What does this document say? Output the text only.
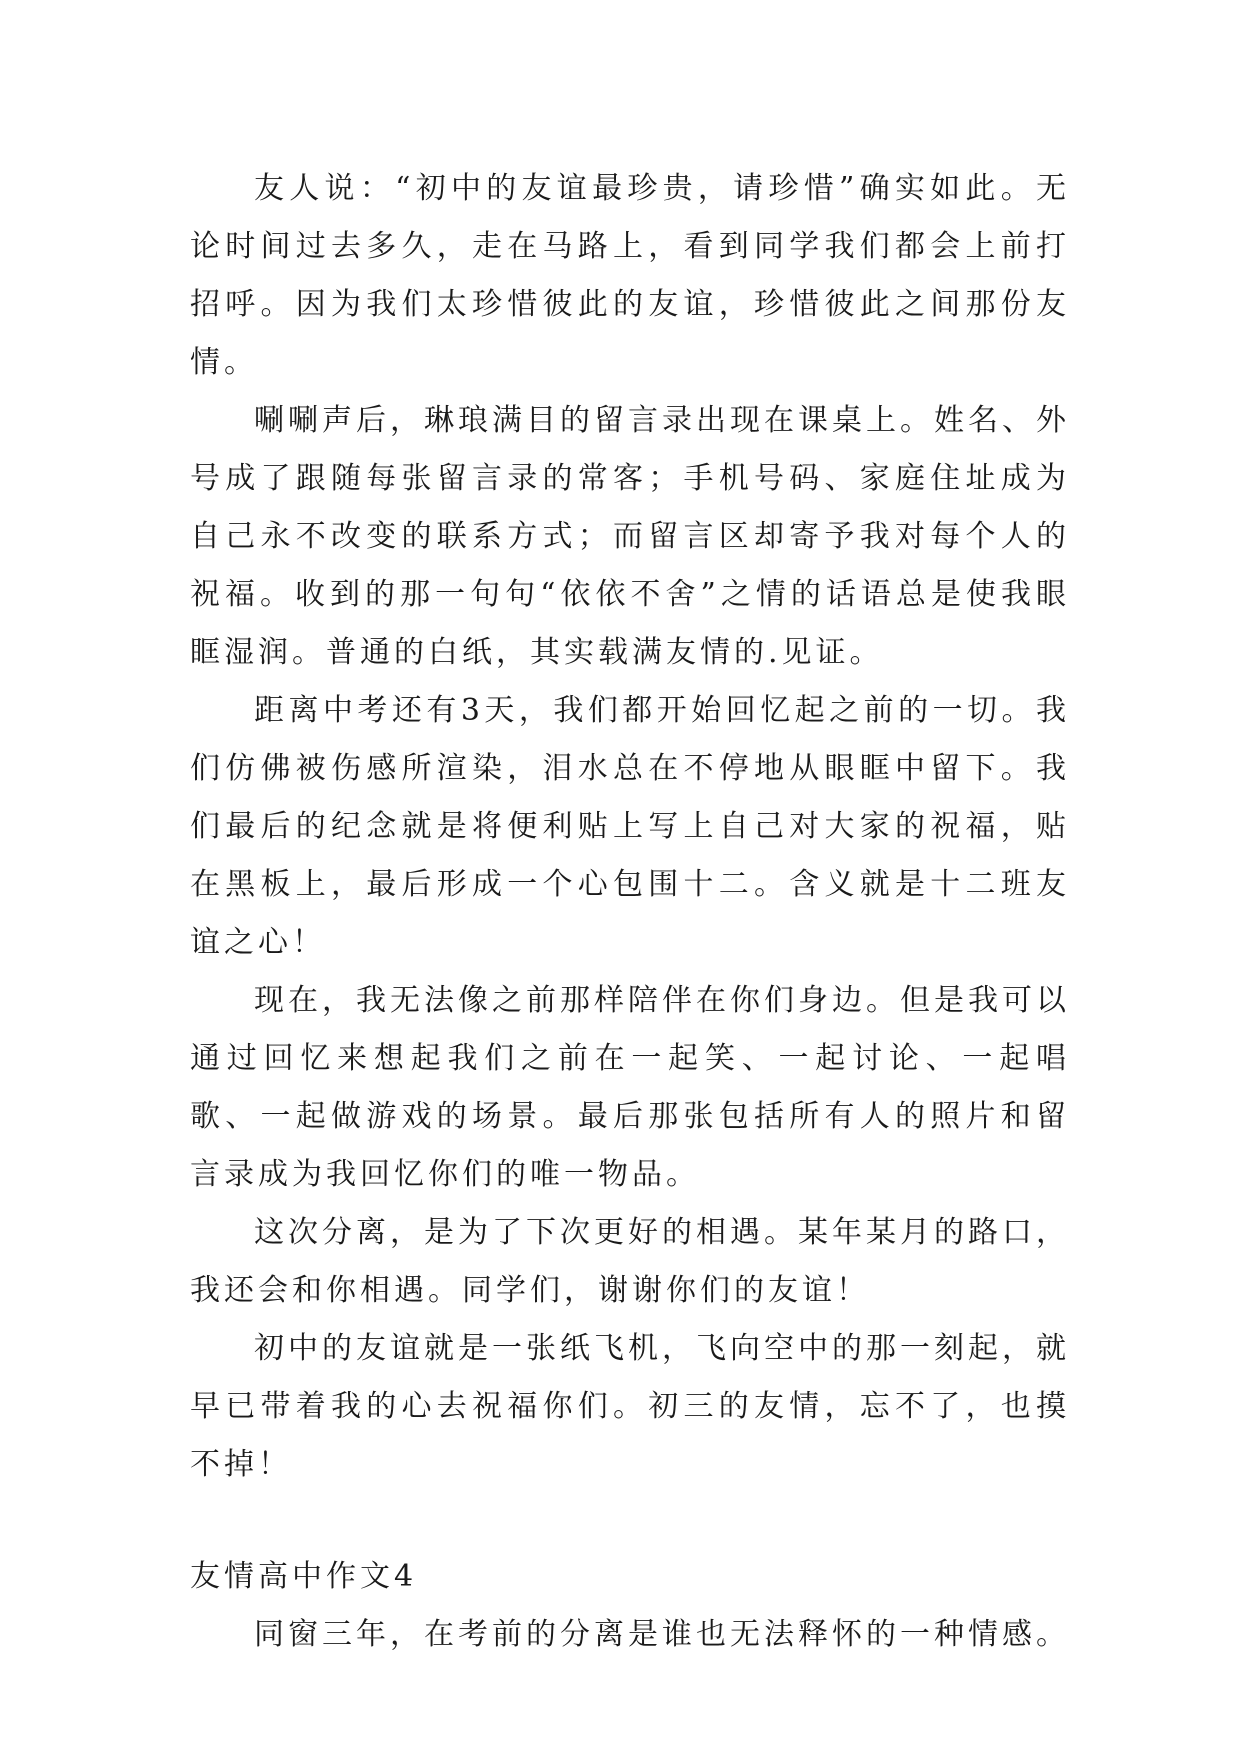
友人说：“初中的友谊最珍贵，请珍惜”确实如此。无论时间过去多久，走在马路上，看到同学我们都会上前打招呼。因为我们太珍惜彼此的友谊，珍惜彼此之间那份友情。

唰唰声后，琳琅满目的留言录出现在课桌上。姓名、外号成了跟随每张留言录的常客；手机号码、家庭住址成为自己永不改变的联系方式；而留言区却寄予我对每个人的祝福。收到的那一句句“依依不舍”之情的话语总是使我眼眶湿润。普通的白纸，其实载满友情的.见证。

距离中考还有3天，我们都开始回忆起之前的一切。我们仿佛被伤感所渲染，泪水总在不停地从眼眶中留下。我们最后的纪念就是将便利贴上写上自己对大家的祝福，贴在黑板上，最后形成一个心包围十二。含义就是十二班友谊之心！

现在，我无法像之前那样陪伴在你们身边。但是我可以通过回忆来想起我们之前在一起笑、一起讨论、一起唱歌、一起做游戏的场景。最后那张包括所有人的照片和留言录成为我回忆你们的唯一物品。

这次分离，是为了下次更好的相遇。某年某月的路口，我还会和你相遇。同学们，谢谢你们的友谊！

初中的友谊就是一张纸飞机，飞向空中的那一刻起，就早已带着我的心去祝福你们。初三的友情，忘不了，也摸不掉！

友情高中作文4

同窗三年，在考前的分离是谁也无法释怀的一种情感。
